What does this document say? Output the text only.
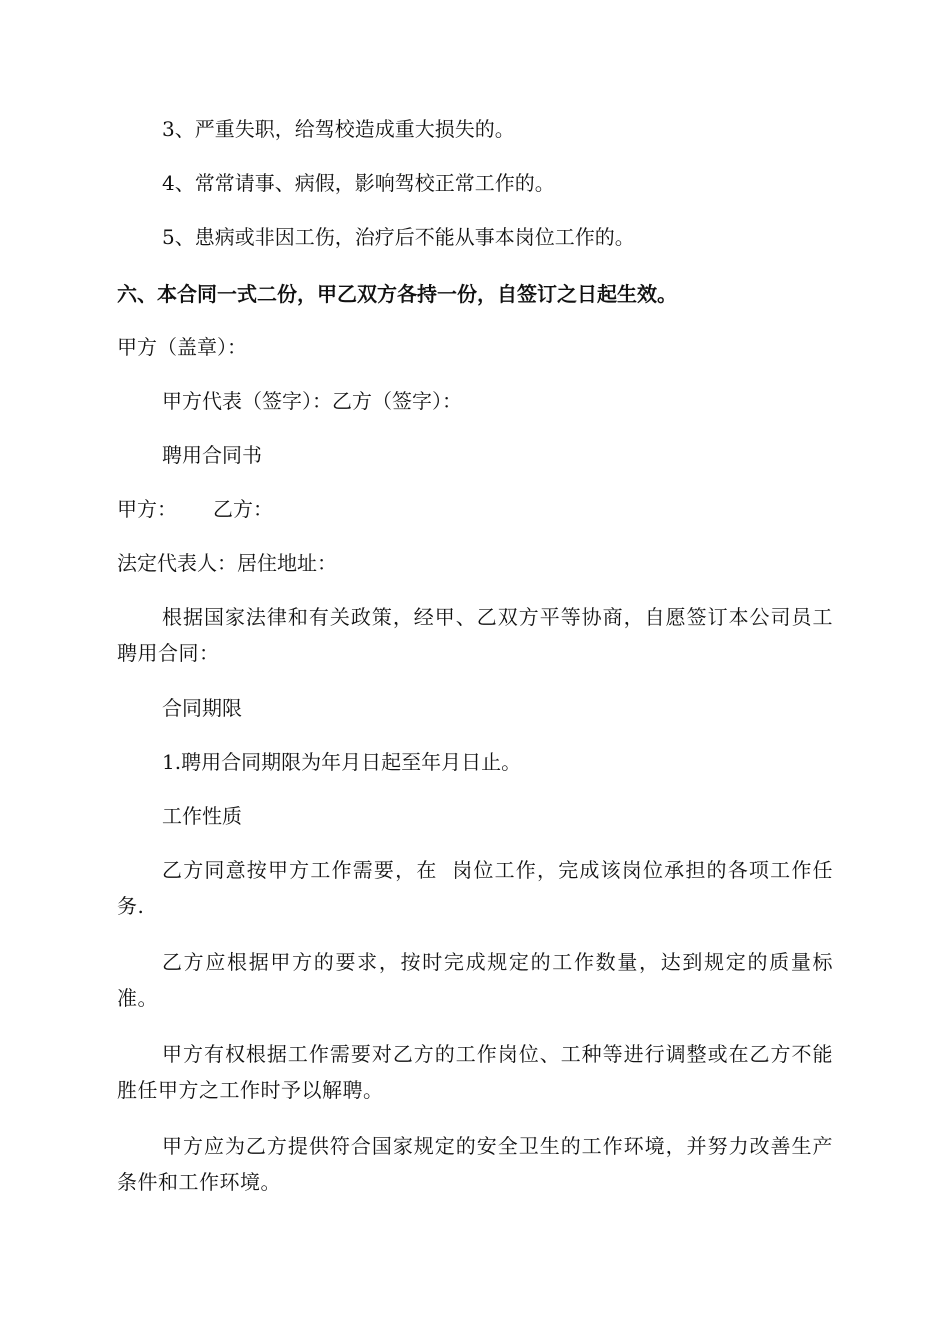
3、严重失职，给驾校造成重大损失的。
4、常常请事、病假，影响驾校正常工作的。
5、患病或非因工伤，治疗后不能从事本岗位工作的。
六、本合同一式二份，甲乙双方各持一份，自签订之日起生效。
甲方（盖章）：
甲方代表（签字）：乙方（签字）：
聘用合同书
甲方： 乙方：
法定代表人：居住地址：
根据国家法律和有关政策，经甲、乙双方平等协商，自愿签订本公司员工聘用合同：
合同期限
1.聘用合同期限为年月日起至年月日止。
工作性质
乙方同意按甲方工作需要，在 岗位工作，完成该岗位承担的各项工作任务.
乙方应根据甲方的要求，按时完成规定的工作数量，达到规定的质量标准。
甲方有权根据工作需要对乙方的工作岗位、工种等进行调整或在乙方不能胜任甲方之工作时予以解聘。
甲方应为乙方提供符合国家规定的安全卫生的工作环境，并努力改善生产条件和工作环境。
